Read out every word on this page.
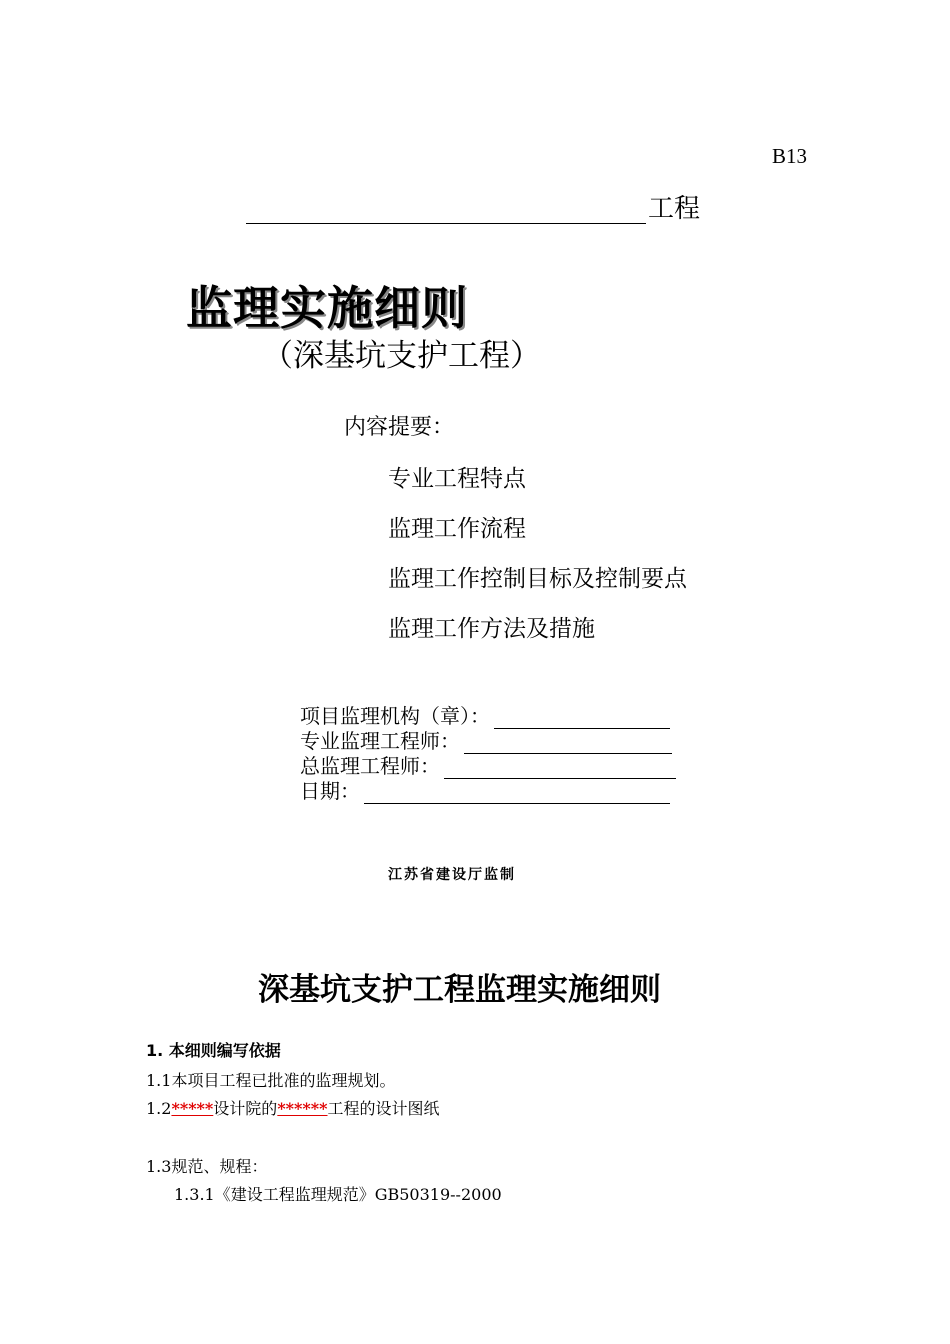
B13
工程
监理实施细则
（深基坑支护工程）
内容提要：
专业工程特点
监理工作流程
监理工作控制目标及控制要点
监理工作方法及措施
项目监理机构（章）：
专业监理工程师：
总监理工程师：
日期：
江苏省建设厅监制
深基坑支护工程监理实施细则
1. 本细则编写依据
1.1本项目工程已批准的监理规划。
1.2*****设计院的******工程的设计图纸
1.3规范、规程：
1.3.1《建设工程监理规范》GB50319--2000
